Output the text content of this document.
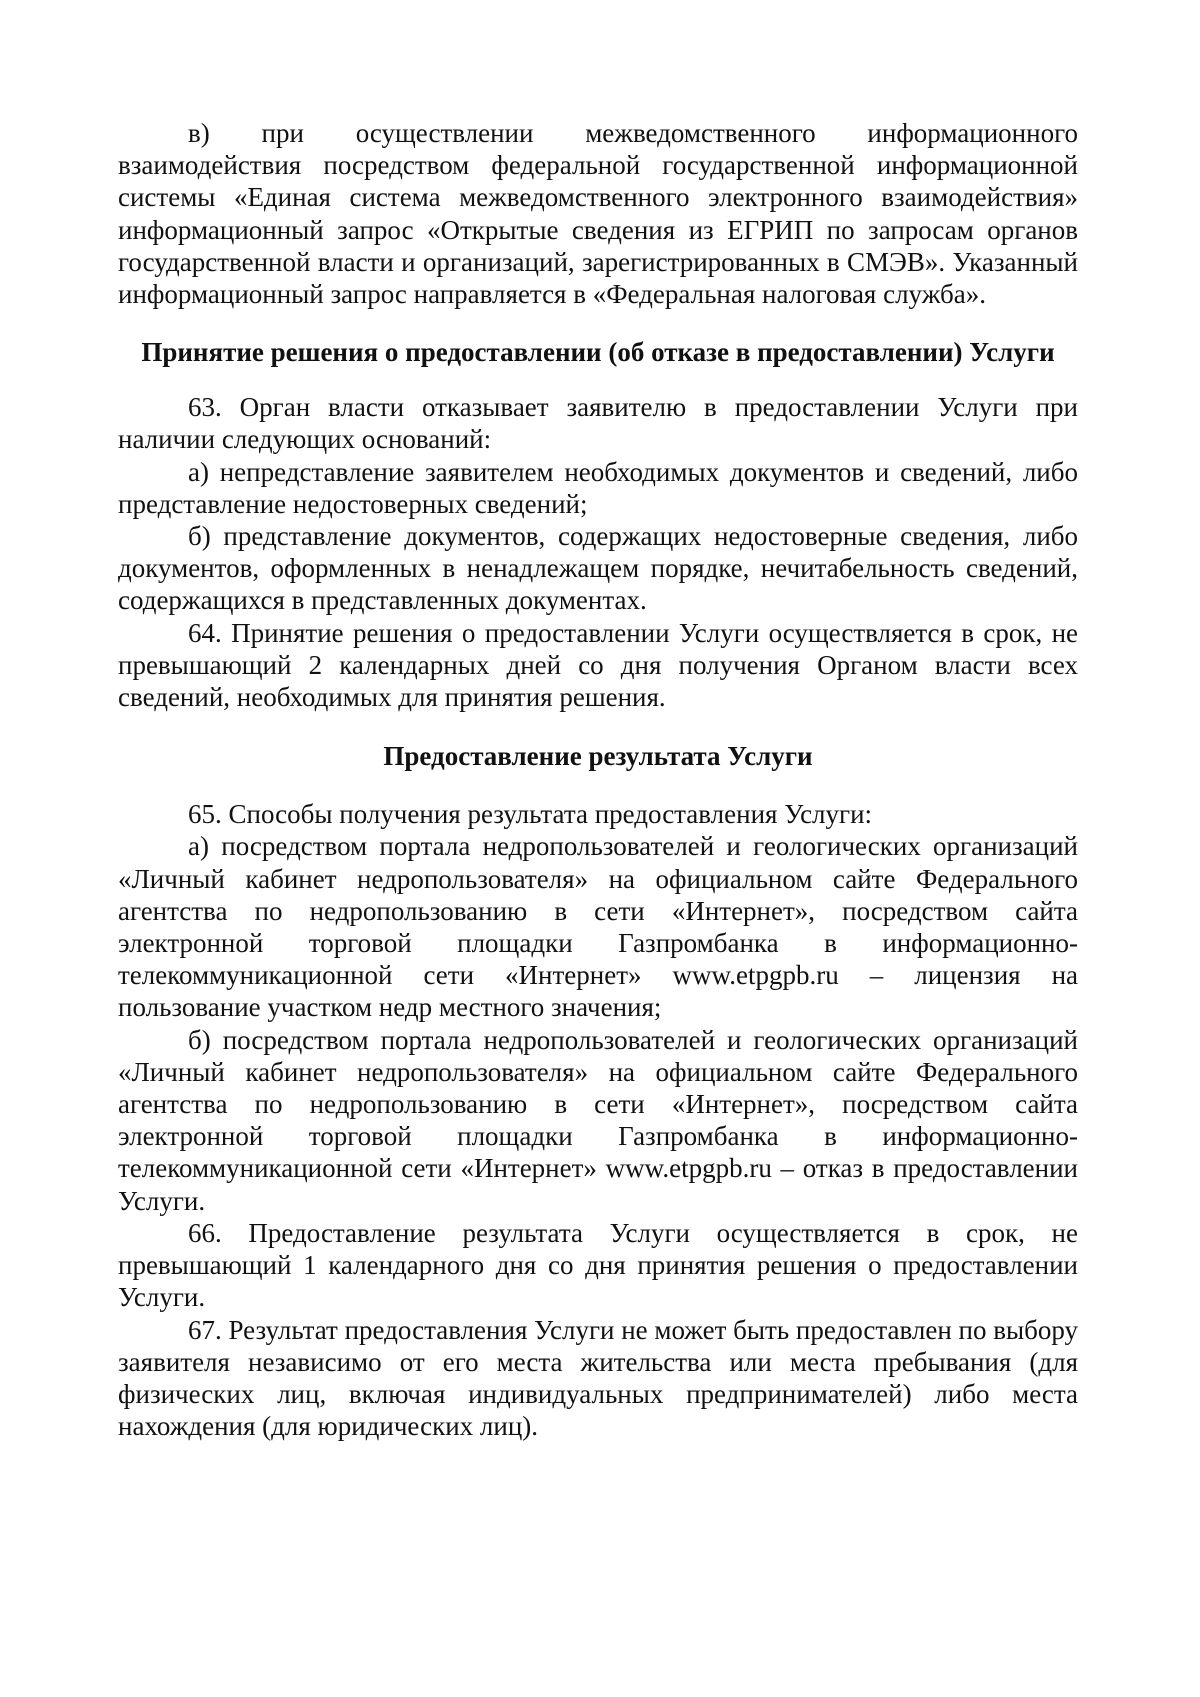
в) при осуществлении межведомственного информационного взаимодействия посредством федеральной государственной информационной системы «Единая система межведомственного электронного взаимодействия» информационный запрос «Открытые сведения из ЕГРИП по запросам органов государственной власти и организаций, зарегистрированных в СМЭВ». Указанный информационный запрос направляется в «Федеральная налоговая служба».

Принятие решения о предоставлении (об отказе в предоставлении) Услуги

63. Орган власти отказывает заявителю в предоставлении Услуги при наличии следующих оснований:

а) непредставление заявителем необходимых документов и сведений, либо представление недостоверных сведений;

б) представление документов, содержащих недостоверные сведения, либо документов, оформленных в ненадлежащем порядке, нечитабельность сведений, содержащихся в представленных документах.

64. Принятие решения о предоставлении Услуги осуществляется в срок, не превышающий 2 календарных дней со дня получения Органом власти всех сведений, необходимых для принятия решения.

Предоставление результата Услуги

65. Способы получения результата предоставления Услуги:

а) посредством портала недропользователей и геологических организаций «Личный кабинет недропользователя» на официальном сайте Федерального агентства по недропользованию в сети «Интернет», посредством сайта электронной торговой площадки Газпромбанка в информационно-телекоммуникационной сети «Интернет» www.etpgpb.ru – лицензия на пользование участком недр местного значения;

б) посредством портала недропользователей и геологических организаций «Личный кабинет недропользователя» на официальном сайте Федерального агентства по недропользованию в сети «Интернет», посредством сайта электронной торговой площадки Газпромбанка в информационно-телекоммуникационной сети «Интернет» www.etpgpb.ru – отказ в предоставлении Услуги.

66. Предоставление результата Услуги осуществляется в срок, не превышающий 1 календарного дня со дня принятия решения о предоставлении Услуги.

67. Результат предоставления Услуги не может быть предоставлен по выбору заявителя независимо от его места жительства или места пребывания (для физических лиц, включая индивидуальных предпринимателей) либо места нахождения (для юридических лиц).
